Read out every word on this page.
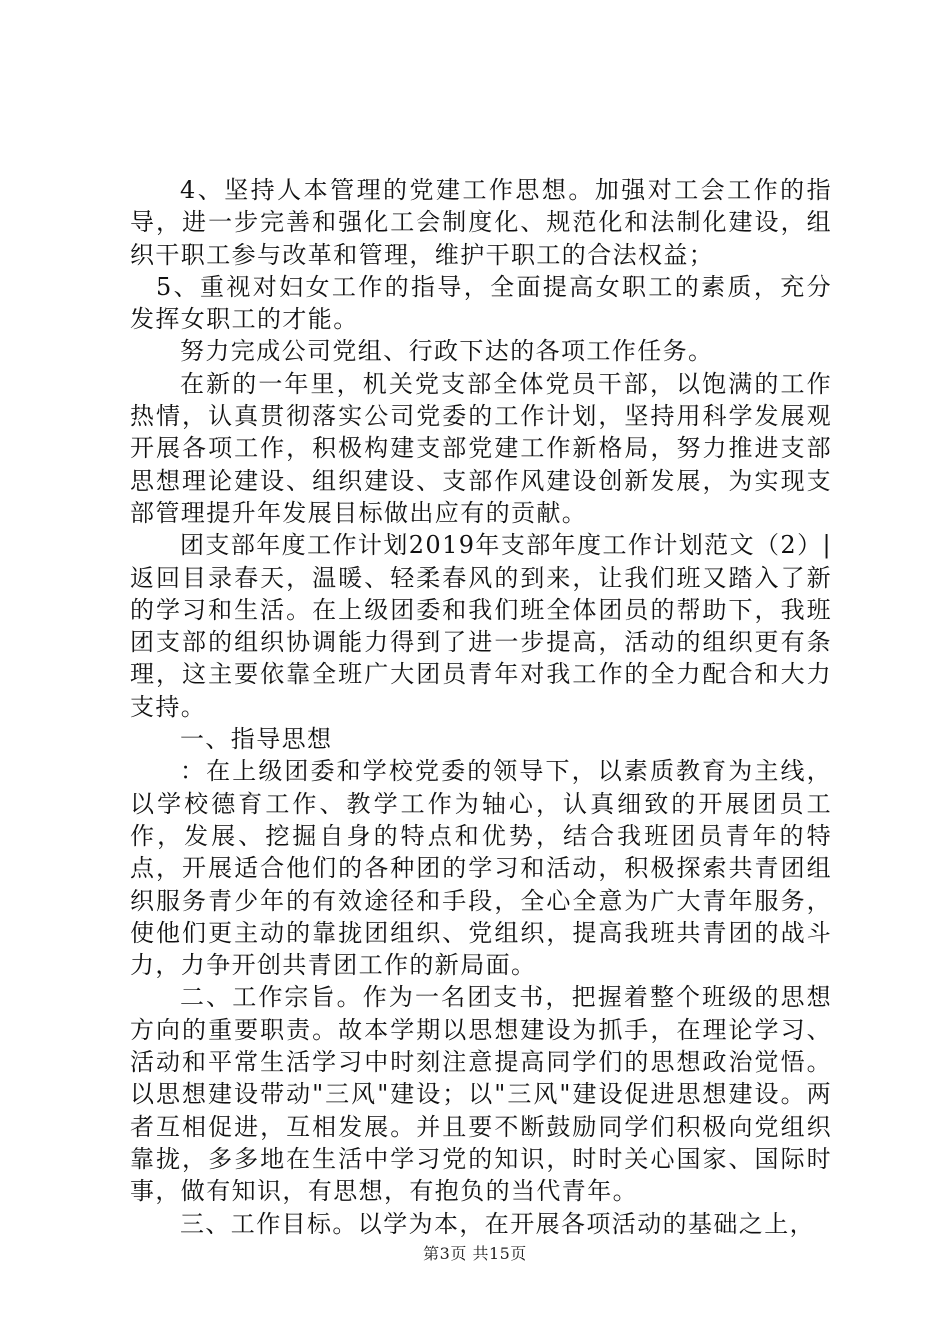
4、坚持人本管理的党建工作思想。加强对工会工作的指导，进一步完善和强化工会制度化、规范化和法制化建设，组织干职工参与改革和管理，维护干职工的合法权益；

5、重视对妇女工作的指导，全面提高女职工的素质，充分发挥女职工的才能。

努力完成公司党组、行政下达的各项工作任务。

在新的一年里，机关党支部全体党员干部，以饱满的工作热情，认真贯彻落实公司党委的工作计划，坚持用科学发展观开展各项工作，积极构建支部党建工作新格局，努力推进支部思想理论建设、组织建设、支部作风建设创新发展，为实现支部管理提升年发展目标做出应有的贡献。

团支部年度工作计划2019年支部年度工作计划范文（2）|返回目录春天，温暖、轻柔春风的到来，让我们班又踏入了新的学习和生活。在上级团委和我们班全体团员的帮助下，我班团支部的组织协调能力得到了进一步提高，活动的组织更有条理，这主要依靠全班广大团员青年对我工作的全力配合和大力支持。

一、指导思想

：在上级团委和学校党委的领导下，以素质教育为主线，以学校德育工作、教学工作为轴心，认真细致的开展团员工作，发展、挖掘自身的特点和优势，结合我班团员青年的特点，开展适合他们的各种团的学习和活动，积极探索共青团组织服务青少年的有效途径和手段，全心全意为广大青年服务，使他们更主动的靠拢团组织、党组织，提高我班共青团的战斗力，力争开创共青团工作的新局面。

二、工作宗旨。作为一名团支书，把握着整个班级的思想方向的重要职责。故本学期以思想建设为抓手，在理论学习、活动和平常生活学习中时刻注意提高同学们的思想政治觉悟。以思想建设带动"三风"建设；以"三风"建设促进思想建设。两者互相促进，互相发展。并且要不断鼓励同学们积极向党组织靠拢，多多地在生活中学习党的知识，时时关心国家、国际时事，做有知识，有思想，有抱负的当代青年。

三、工作目标。以学为本，在开展各项活动的基础之上，

第3页 共15页
